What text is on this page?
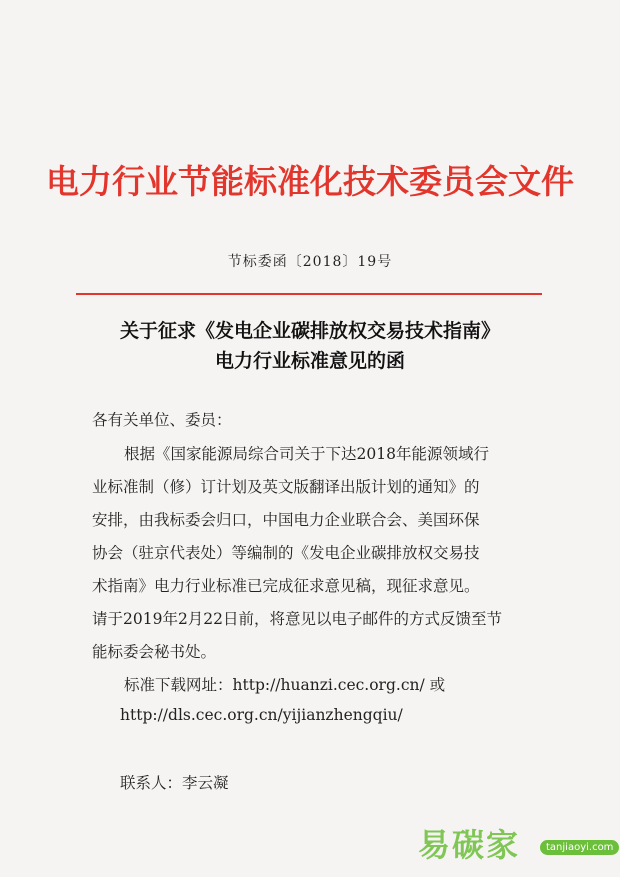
电力行业节能标准化技术委员会文件
节标委函〔2018〕19号
关于征求《发电企业碳排放权交易技术指南》
电力行业标准意见的函
各有关单位、委员：
根据《国家能源局综合司关于下达2018年能源领域行
业标准制（修）订计划及英文版翻译出版计划的通知》的
安排，由我标委会归口，中国电力企业联合会、美国环保
协会（驻京代表处）等编制的《发电企业碳排放权交易技
术指南》电力行业标准已完成征求意见稿，现征求意见。
请于2019年2月22日前，将意见以电子邮件的方式反馈至节
能标委会秘书处。
标准下载网址：http://huanzi.cec.org.cn/ 或
http://dls.cec.org.cn/yijianzhengqiu/
联系人：李云凝
易碳家	tanjiaoyi.com
